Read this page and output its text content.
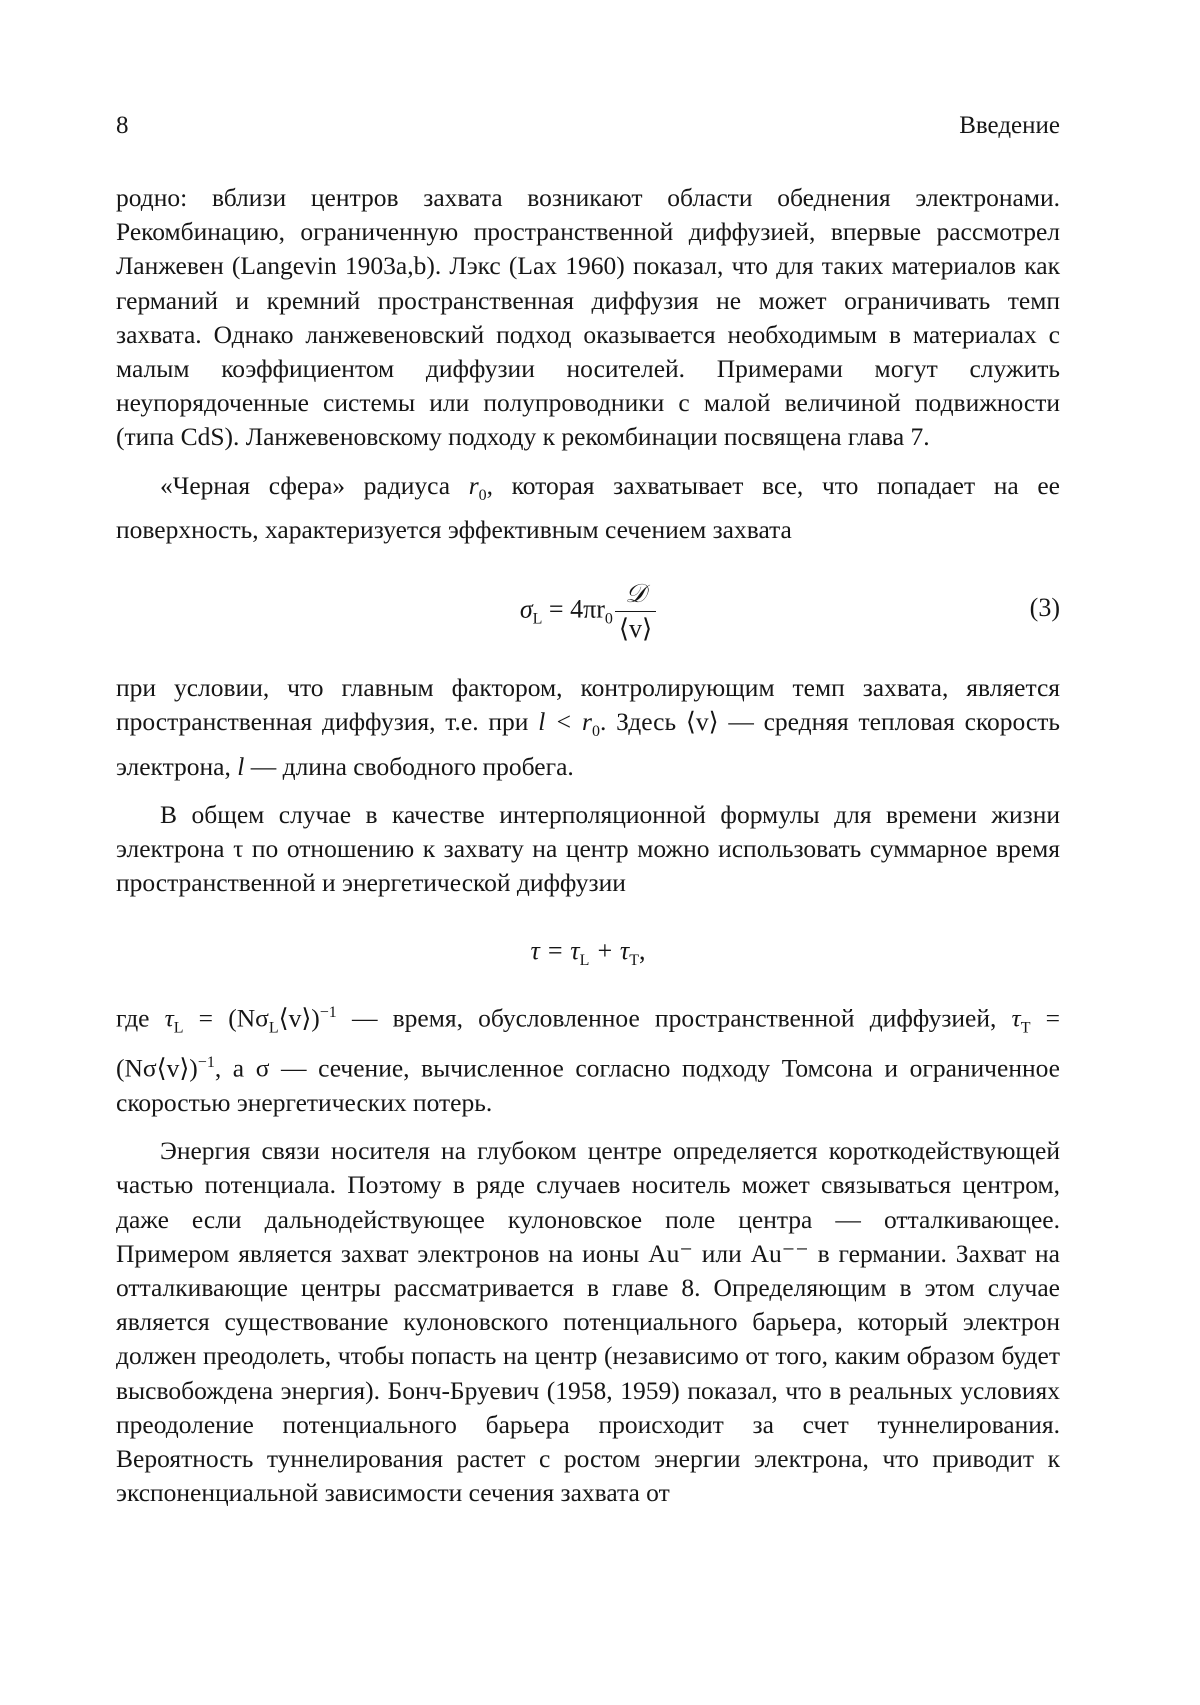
8	Введение

родно: вблизи центров захвата возникают области обеднения электронами. Рекомбинацию, ограниченную пространственной диффузией, впервые рассмотрел Ланжевен (Langevin 1903a,b). Лэкс (Lax 1960) показал, что для таких материалов как германий и кремний пространственная диффузия не может ограничивать темп захвата. Однако ланжевеновский подход оказывается необходимым в материалах с малым коэффициентом диффузии носителей. Примерами могут служить неупорядоченные системы или полупроводники с малой величиной подвижности (типа CdS). Ланжевеновскому подходу к рекомбинации посвящена глава 7.

«Черная сфера» радиуса $r_0$, которая захватывает все, что попадает на ее поверхность, характеризуется эффективным сечением захвата

$\sigma_L = 4\pi r_0 \frac{\text{𝒟}}{⟨v⟩}$	(3)

при условии, что главным фактором, контролирующим темп захвата, является пространственная диффузия, т.е. при $l < r_0$. Здесь ⟨v⟩ — средняя тепловая скорость электрона, l — длина свободного пробега.

В общем случае в качестве интерполяционной формулы для времени жизни электрона τ по отношению к захвату на центр можно использовать суммарное время пространственной и энергетической диффузии

$\tau = \tau_L + \tau_T$,

где $\tau_L$ = $(N\sigma_L⟨v⟩)^{-1}$ — время, обусловленное пространственной диффузией, $\tau_T$ = (Nσ⟨v⟩)$^{-1}$, а σ — сечение, вычисленное согласно подходу Томсона и ограниченное скоростью энергетических потерь.

Энергия связи носителя на глубоком центре определяется короткодействующей частью потенциала. Поэтому в ряде случаев носитель может связываться центром, даже если дальнодействующее кулоновское поле центра — отталкивающее. Примером является захват электронов на ионы Au⁻ или Au⁻⁻ в германии. Захват на отталкивающие центры рассматривается в главе 8. Определяющим в этом случае является существование кулоновского потенциального барьера, который электрон должен преодолеть, чтобы попасть на центр (независимо от того, каким образом будет высвобождена энергия). Бонч-Бруевич (1958, 1959) показал, что в реальных условиях преодоление потенциального барьера происходит за счет туннелирования. Вероятность туннелирования растет с ростом энергии электрона, что приводит к экспоненциальной зависимости сечения захвата от
